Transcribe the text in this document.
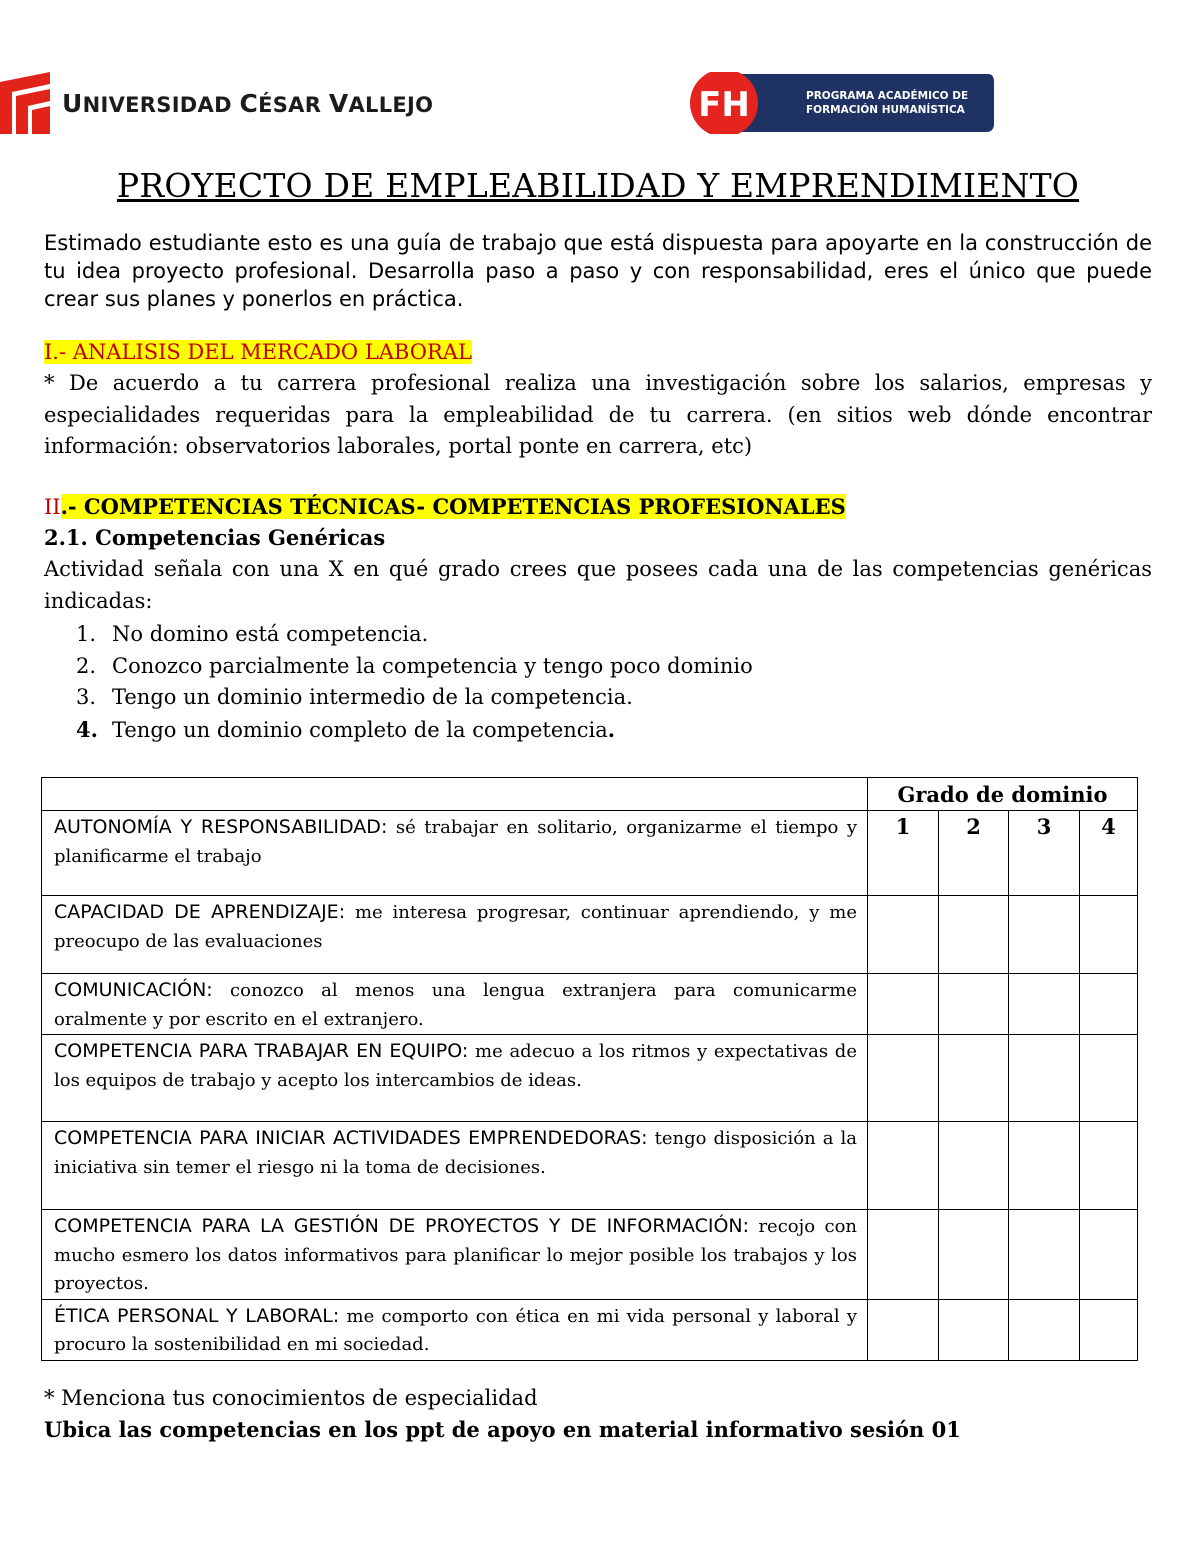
UNIVERSIDAD CÉSAR VALLEJO	FH	PROGRAMA ACADÉMICO DE
FORMACIÓN HUMANÍSTICA
PROYECTO DE EMPLEABILIDAD Y EMPRENDIMIENTO
Estimado estudiante esto es una guía de trabajo que está dispuesta para apoyarte en la construcción de tu idea proyecto profesional. Desarrolla paso a paso y con responsabilidad, eres el único que puede crear sus planes y ponerlos en práctica.
I.- ANALISIS DEL MERCADO LABORAL
* De acuerdo a tu carrera profesional realiza una investigación sobre los salarios, empresas y especialidades requeridas para la empleabilidad de tu carrera. (en sitios web dónde encontrar información: observatorios laborales, portal ponte en carrera, etc)
II.- COMPETENCIAS TÉCNICAS- COMPETENCIAS PROFESIONALES
2.1. Competencias Genéricas
Actividad señala con una X en qué grado crees que posees cada una de las competencias genéricas indicadas:
1. No domino está competencia.
2. Conozco parcialmente la competencia y tengo poco dominio
3. Tengo un dominio intermedio de la competencia.
4. Tengo un dominio completo de la competencia.
	Grado de dominio			
AUTONOMÍA Y RESPONSABILIDAD: sé trabajar en solitario, organizarme el tiempo y planificarme el trabajo	1	2	3	4
CAPACIDAD DE APRENDIZAJE: me interesa progresar, continuar aprendiendo, y me preocupo de las evaluaciones				
COMUNICACIÓN: conozco al menos una lengua extranjera para comunicarme oralmente y por escrito en el extranjero.				
COMPETENCIA PARA TRABAJAR EN EQUIPO: me adecuo a los ritmos y expectativas de los equipos de trabajo y acepto los intercambios de ideas.				
COMPETENCIA PARA INICIAR ACTIVIDADES EMPRENDEDORAS: tengo disposición a la iniciativa sin temer el riesgo ni la toma de decisiones.				
COMPETENCIA PARA LA GESTIÓN DE PROYECTOS Y DE INFORMACIÓN: recojo con mucho esmero los datos informativos para planificar lo mejor posible los trabajos y los proyectos.				
ÉTICA PERSONAL Y LABORAL: me comporto con ética en mi vida personal y laboral y procuro la sostenibilidad en mi sociedad.				
* Menciona tus conocimientos de especialidad
Ubica las competencias en los ppt de apoyo en material informativo sesión 01
